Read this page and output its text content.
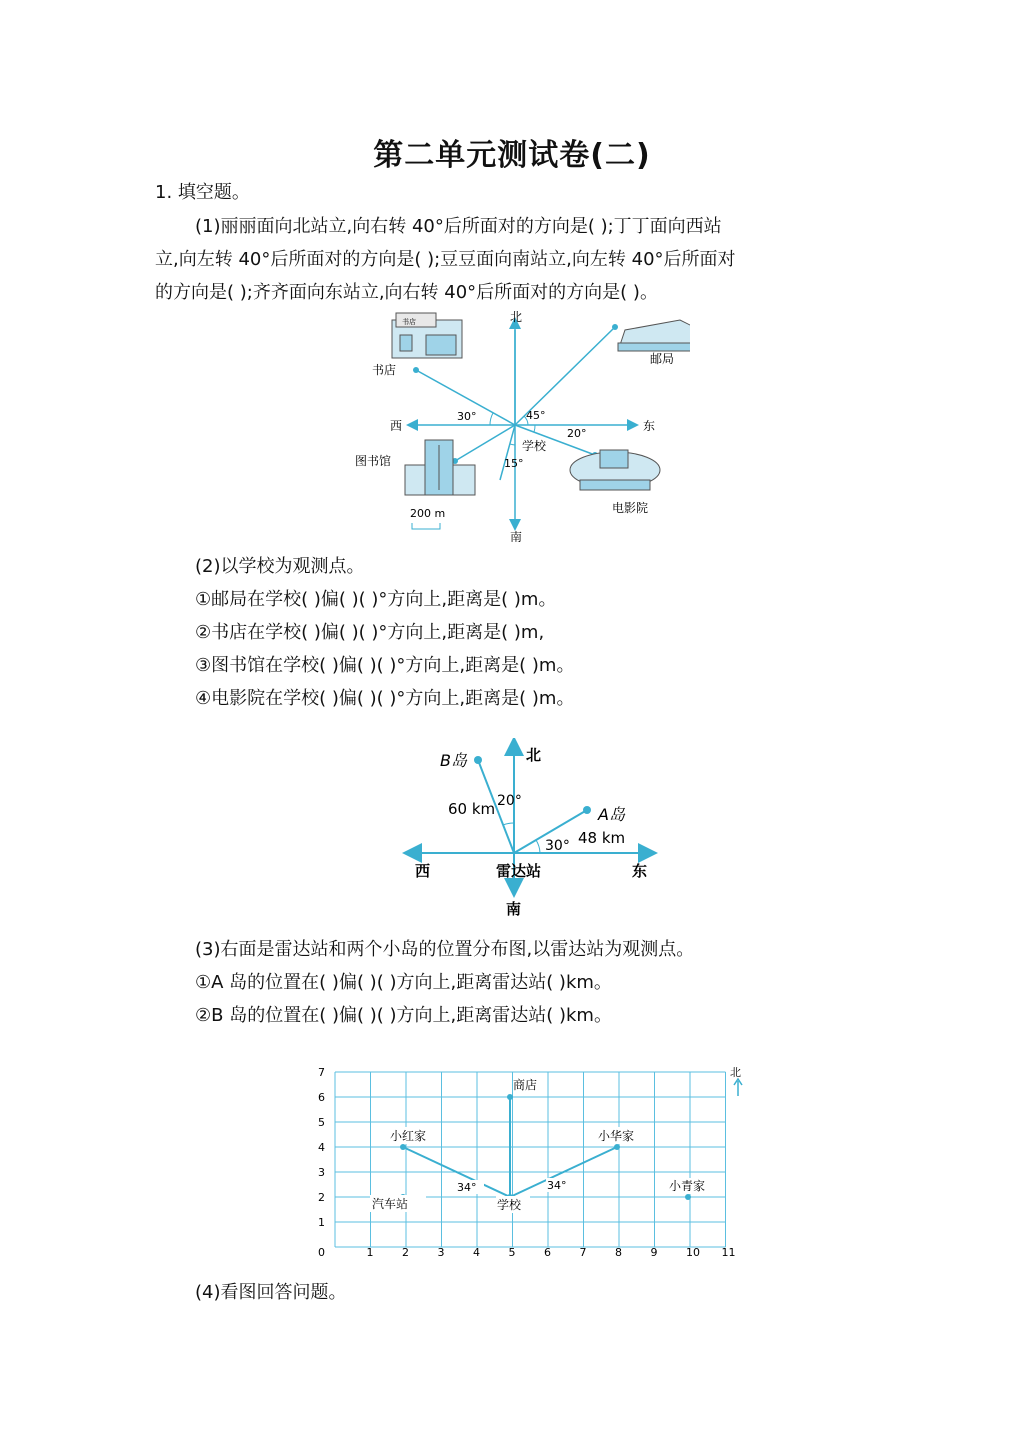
第二单元测试卷(二)
1. 填空题。
(1)丽丽面向北站立,向右转 40°后所面对的方向是( );丁丁面向西站
立,向左转 40°后所面对的方向是( );豆豆面向南站立,向左转 40°后所面对
的方向是( );齐齐面向东站立,向右转 40°后所面对的方向是( )。
北
南
西	东
学校
书店
邮局
图书馆
电影院
30°	45°
20°
15°
200 m
书店
(2)以学校为观测点。
①邮局在学校( )偏( )( )°方向上,距离是( )m。
②书店在学校( )偏( )( )°方向上,距离是( )m,
③图书馆在学校( )偏( )( )°方向上,距离是( )m。
④电影院在学校( )偏( )( )°方向上,距离是( )m。
B岛
A岛
60 km
48 km
20°
30°
北
南
西	东
雷达站
(3)右面是雷达站和两个小岛的位置分布图,以雷达站为观测点。
①A 岛的位置在( )偏( )( )方向上,距离雷达站( )km。
②B 岛的位置在( )偏( )( )方向上,距离雷达站( )km。
0	1	2	3	4	5	6	7	8	9	10 11
1
2
3
4
5
6
7
商店
小红家	小华家
汽车站	学校
小青家
34°	34°
北
(4)看图回答问题。
